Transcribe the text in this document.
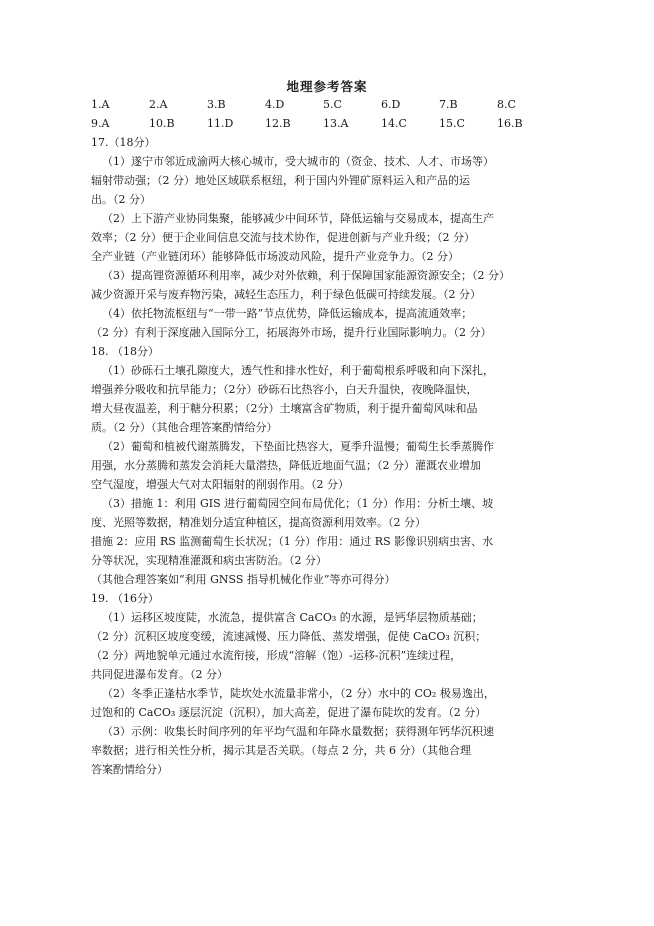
地理参考答案
1.A	2.A	3.B	4.D	5.C	6.D	7.B	8.C
9.A	10.B	11.D	12.B	13.A	14.C	15.C	16.B
17.（18分）
（1）遂宁市邻近成渝两大核心城市，受大城市的（资金、技术、人才、市场等）
辐射带动强；（2 分）地处区域联系枢纽，利于国内外锂矿原料运入和产品的运
出。（2 分）
（2）上下游产业协同集聚，能够减少中间环节，降低运输与交易成本，提高生产
效率；（2 分）便于企业间信息交流与技术协作，促进创新与产业升级；（2 分）
全产业链（产业链闭环）能够降低市场波动风险，提升产业竞争力。（2 分）
（3）提高锂资源循环利用率，减少对外依赖，利于保障国家能源资源安全；（2 分）
减少资源开采与废弃物污染，减轻生态压力，利于绿色低碳可持续发展。（2 分）
（4）依托物流枢纽与“一带一路”节点优势，降低运输成本，提高流通效率；
（2 分）有利于深度融入国际分工，拓展海外市场，提升行业国际影响力。（2 分）
18. （18分）
（1）砂砾石土壤孔隙度大，透气性和排水性好，利于葡萄根系呼吸和向下深扎，
增强养分吸收和抗旱能力；（2分）砂砾石比热容小，白天升温快，夜晚降温快，
增大昼夜温差，利于糖分积累；（2分）土壤富含矿物质，利于提升葡萄风味和品
质。（2 分）（其他合理答案酌情给分）
（2）葡萄和植被代谢蒸腾发，下垫面比热容大，夏季升温慢；葡萄生长季蒸腾作
用强，水分蒸腾和蒸发会消耗大量潜热，降低近地面气温；（2 分）灌溉农业增加
空气湿度，增强大气对太阳辐射的削弱作用。（2 分）
（3）措施 1：利用 GIS 进行葡萄园空间布局优化；（1 分）作用：分析土壤、坡
度、光照等数据，精准划分适宜种植区，提高资源利用效率。（2 分）
措施 2：应用 RS 监测葡萄生长状况；（1 分）作用：通过 RS 影像识别病虫害、水
分等状况，实现精准灌溉和病虫害防治。（2 分）
（其他合理答案如“利用 GNSS 指导机械化作业”等亦可得分）
19. （16分）
（1）运移区坡度陡，水流急，提供富含 CaCO₃ 的水源，是钙华层物质基础；
（2 分）沉积区坡度变缓，流速减慢、压力降低、蒸发增强，促使 CaCO₃ 沉积；
（2 分）两地貌单元通过水流衔接，形成“溶解（饱）-运移-沉积”连续过程，
共同促进瀑布发育。（2 分）
（2）冬季正逢枯水季节，陡坎处水流量非常小，（2 分）水中的 CO₂ 极易逸出，
过饱和的 CaCO₃ 逐层沉淀（沉积），加大高差，促进了瀑布陡坎的发育。（2 分）
（3）示例：收集长时间序列的年平均气温和年降水量数据；获得测年钙华沉积速
率数据；进行相关性分析，揭示其是否关联。（每点 2 分，共 6 分）（其他合理
答案酌情给分）
